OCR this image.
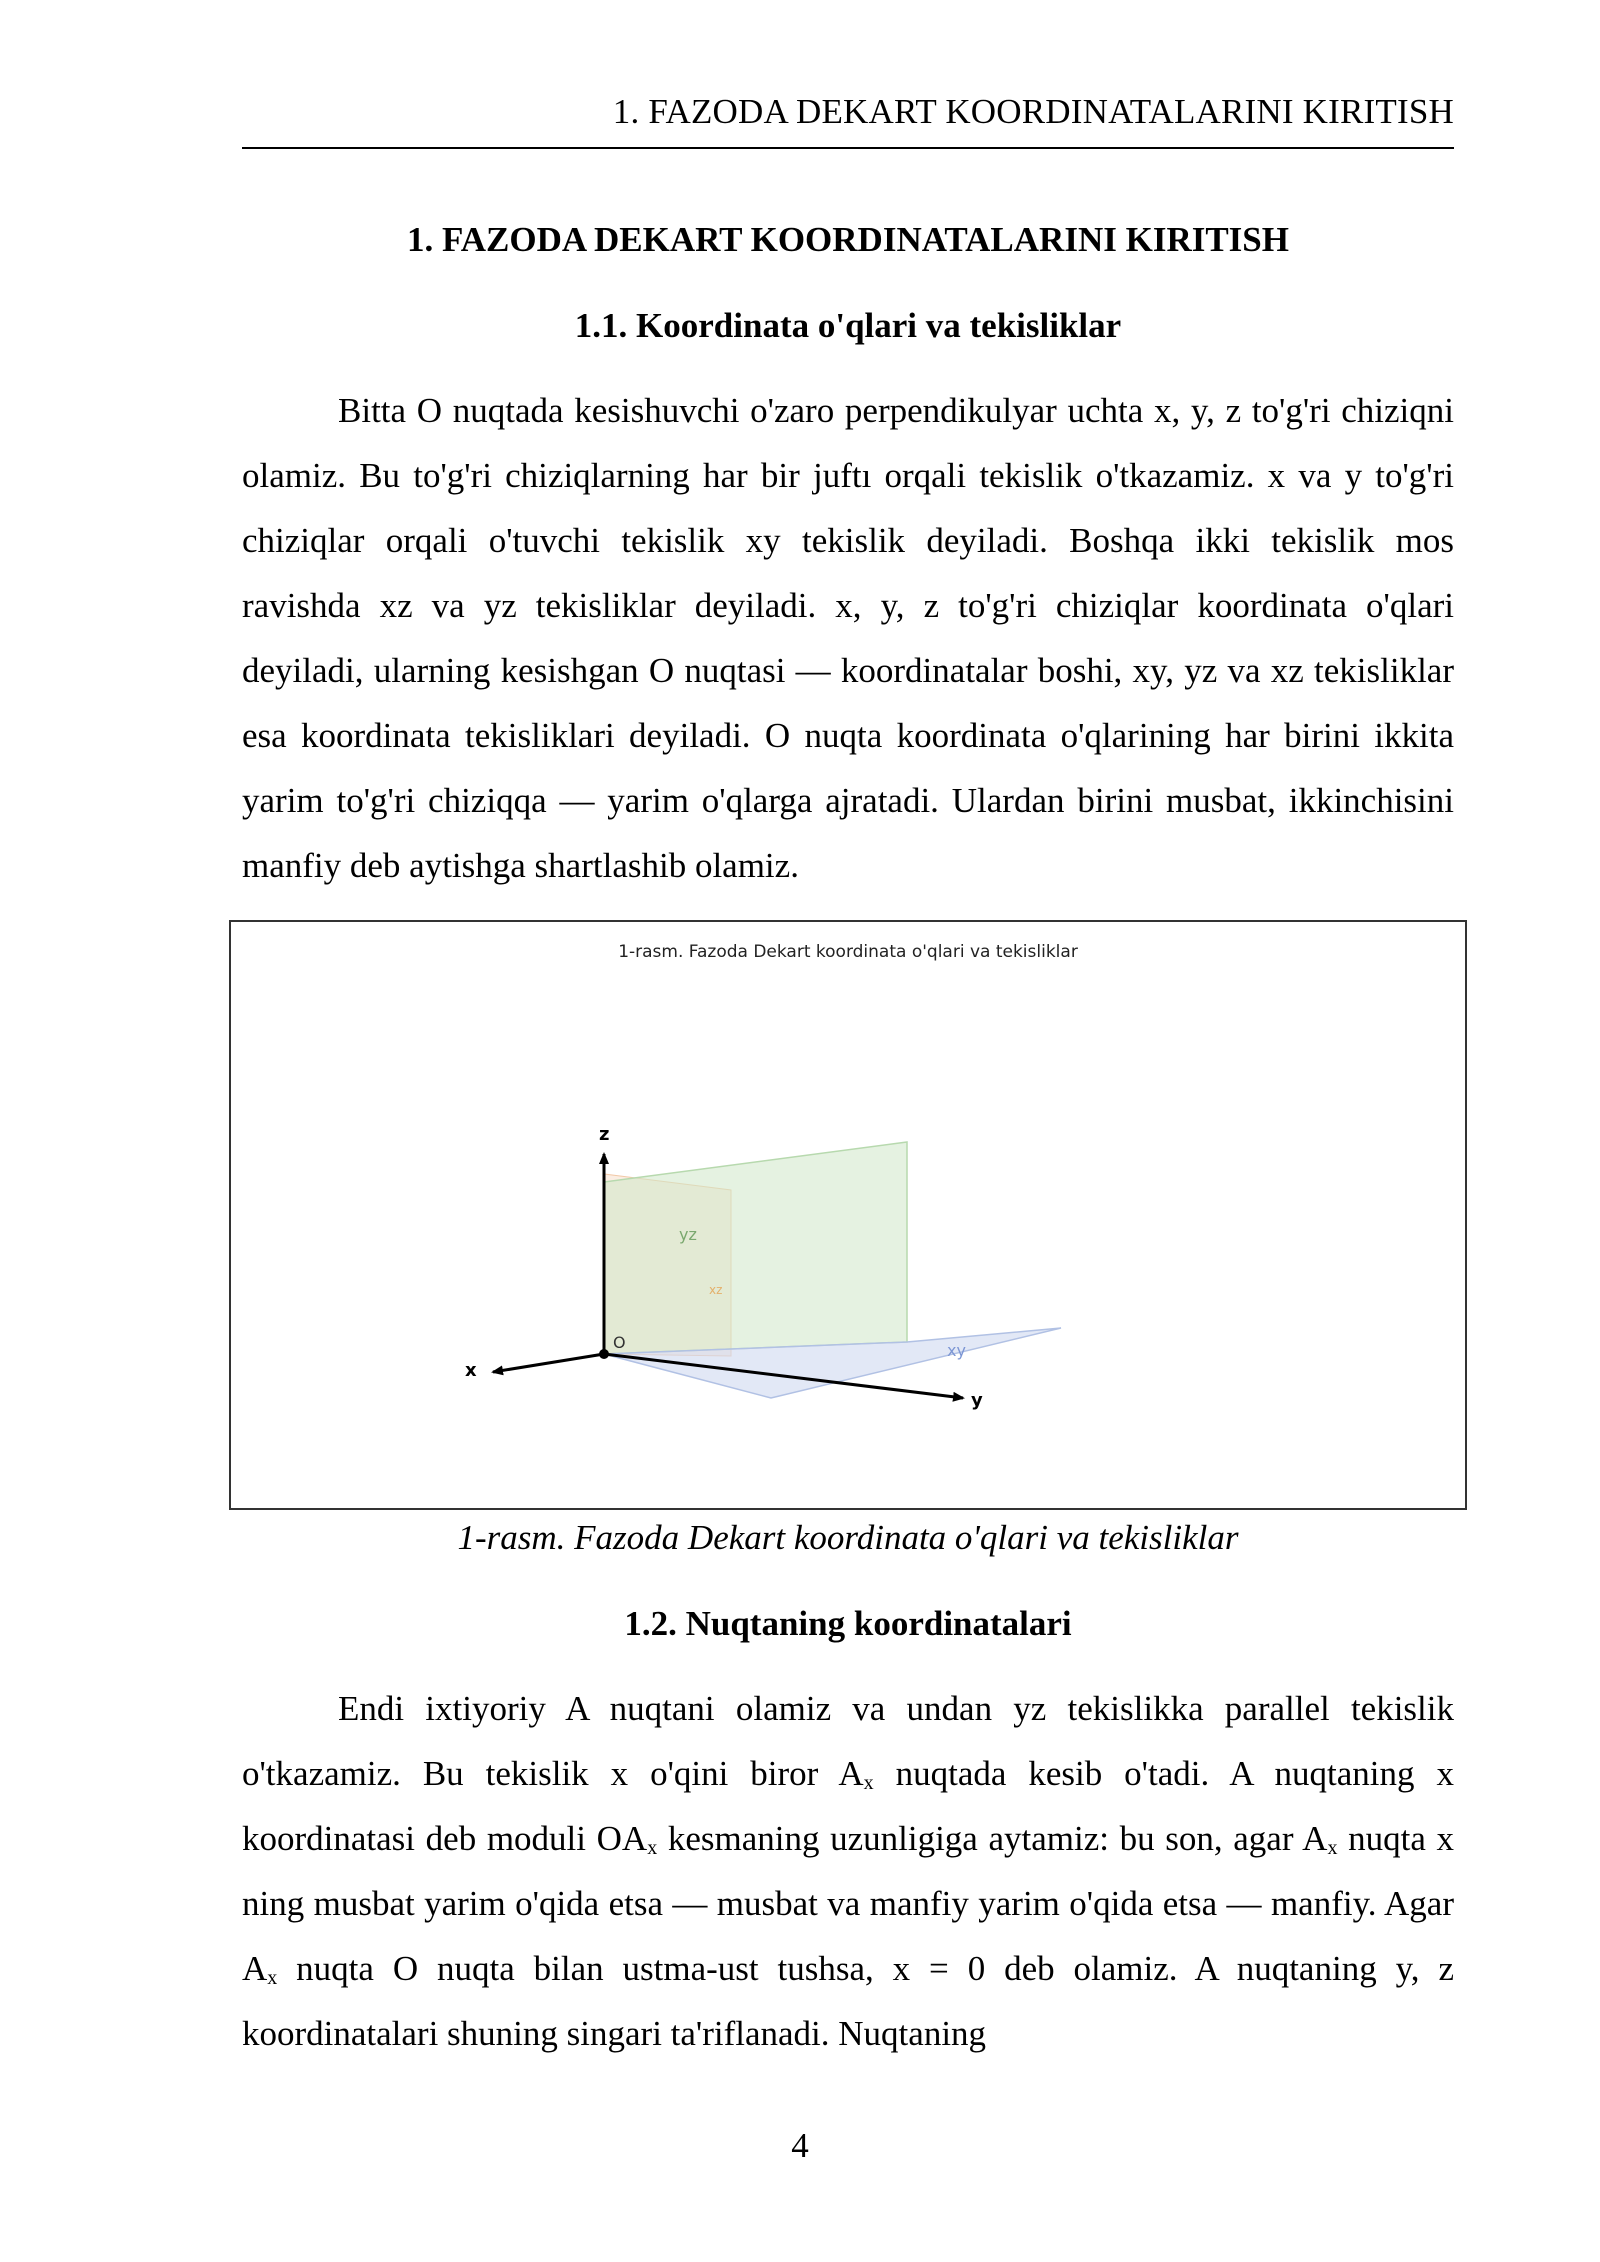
1. FAZODA DEKART KOORDINATALARINI KIRITISH
1. FAZODA DEKART KOORDINATALARINI KIRITISH
1.1. Koordinata o'qlari va tekisliklar

Bitta O nuqtada kesishuvchi o'zaro perpendikulyar uchta x, y, z to'g'ri chiziqni olamiz. Bu to'g'ri chiziqlarning har bir juftı orqali tekislik o'tkazamiz. x va y to'g'ri chiziqlar orqali o'tuvchi tekislik xy tekislik deyiladi. Boshqa ikki tekislik mos ravishda xz va yz tekisliklar deyiladi. x, y, z to'g'ri chiziqlar koordinata o'qlari deyiladi, ularning kesishgan O nuqtasi — koordinatalar boshi, xy, yz va xz tekisliklar esa koordinata tekisliklari deyiladi. O nuqta koordinata o'qlarining har birini ikkita yarim to'g'ri chiziqqa — yarim o'qlarga ajratadi. Ulardan birini musbat, ikkinchisini manfiy deb aytishga shartlashib olamiz.

1-rasm. Fazoda Dekart koordinata o'qlari va tekisliklar
z
x
y
O
yz
xz
xy
1-rasm. Fazoda Dekart koordinata o'qlari va tekisliklar
1.2. Nuqtaning koordinatalari

Endi ixtiyoriy A nuqtani olamiz va undan yz tekislikka parallel tekislik o'tkazamiz. Bu tekislik x o'qini biror $A_x$ nuqtada kesib o'tadi. A nuqtaning x koordinatasi deb moduli $OA_x$ kesmaning uzunligiga aytamiz: bu son, agar $A_x$ nuqta x ning musbat yarim o'qida etsa — musbat va manfiy yarim o'qida etsa — manfiy. Agar $A_x$ nuqta O nuqta bilan ustma-ust tushsa, x = 0 deb olamiz. A nuqtaning y, z koordinatalari shuning singari ta'riflanadi. Nuqtaning

4
